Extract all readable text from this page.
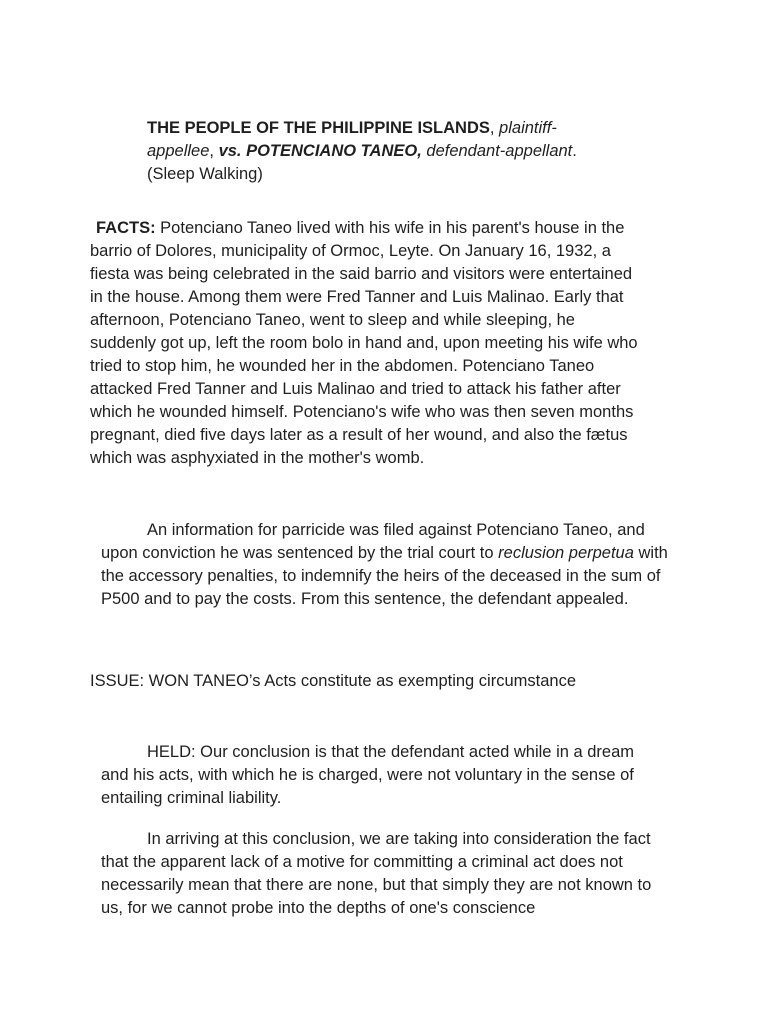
THE PEOPLE OF THE PHILIPPINE ISLANDS, plaintiff-appellee, vs. POTENCIANO TANEO, defendant-appellant. (Sleep Walking)

FACTS: Potenciano Taneo lived with his wife in his parent's house in the barrio of Dolores, municipality of Ormoc, Leyte. On January 16, 1932, a fiesta was being celebrated in the said barrio and visitors were entertained in the house. Among them were Fred Tanner and Luis Malinao. Early that afternoon, Potenciano Taneo, went to sleep and while sleeping, he suddenly got up, left the room bolo in hand and, upon meeting his wife who tried to stop him, he wounded her in the abdomen. Potenciano Taneo attacked Fred Tanner and Luis Malinao and tried to attack his father after which he wounded himself. Potenciano's wife who was then seven months pregnant, died five days later as a result of her wound, and also the fætus which was asphyxiated in the mother's womb.

An information for parricide was filed against Potenciano Taneo, and upon conviction he was sentenced by the trial court to reclusion perpetua with the accessory penalties, to indemnify the heirs of the deceased in the sum of P500 and to pay the costs. From this sentence, the defendant appealed.

ISSUE: WON TANEO’s Acts constitute as exempting circumstance

HELD: Our conclusion is that the defendant acted while in a dream and his acts, with which he is charged, were not voluntary in the sense of entailing criminal liability.

In arriving at this conclusion, we are taking into consideration the fact that the apparent lack of a motive for committing a criminal act does not necessarily mean that there are none, but that simply they are not known to us, for we cannot probe into the depths of one's conscience
